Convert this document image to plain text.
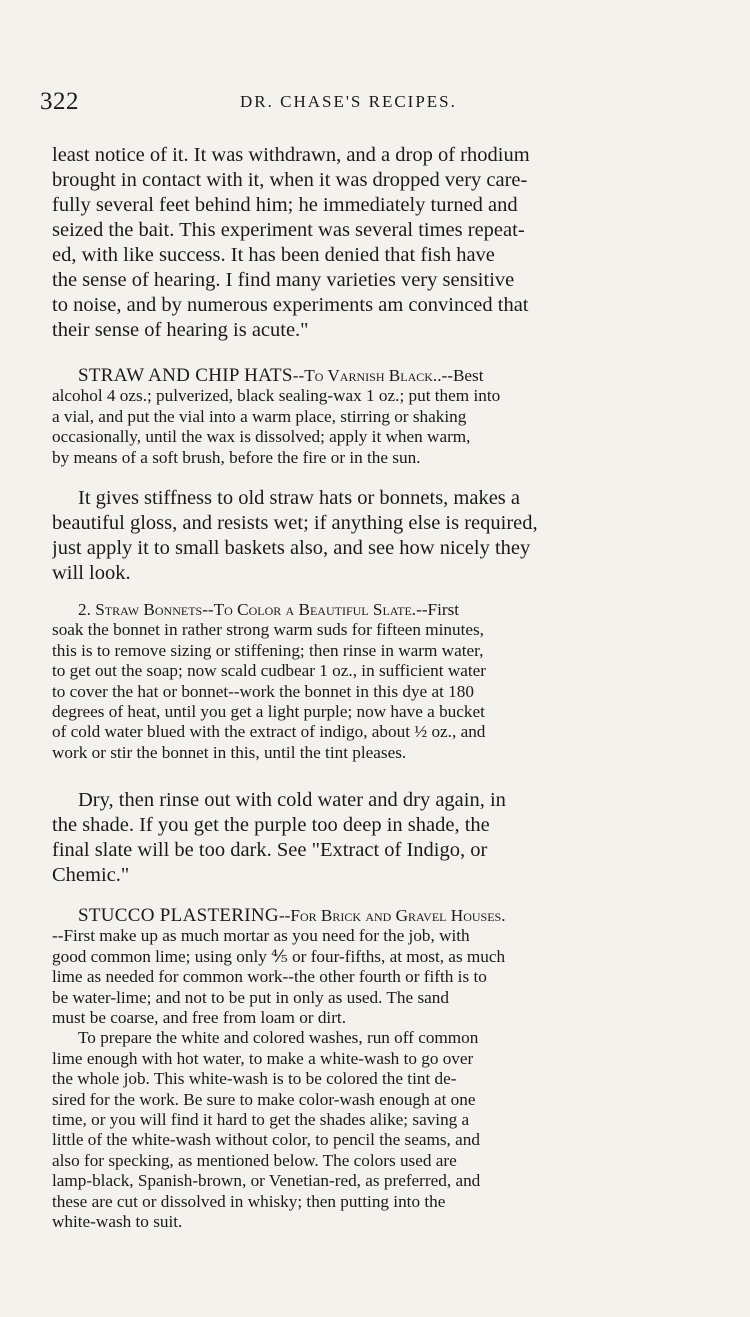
322	DR. CHASE'S RECIPES.
least notice of it. It was withdrawn, and a drop of rhodium
brought in contact with it, when it was dropped very care-
fully several feet behind him; he immediately turned and
seized the bait. This experiment was several times repeat-
ed, with like success. It has been denied that fish have
the sense of hearing. I find many varieties very sensitive
to noise, and by numerous experiments am convinced that
their sense of hearing is acute."
STRAW AND CHIP HATS--To Varnish Black..--Best
alcohol 4 ozs.; pulverized, black sealing-wax 1 oz.; put them into
a vial, and put the vial into a warm place, stirring or shaking
occasionally, until the wax is dissolved; apply it when warm,
by means of a soft brush, before the fire or in the sun.
It gives stiffness to old straw hats or bonnets, makes a
beautiful gloss, and resists wet; if anything else is required,
just apply it to small baskets also, and see how nicely they
will look.
2. Straw Bonnets--To Color a Beautiful Slate.--First
soak the bonnet in rather strong warm suds for fifteen minutes,
this is to remove sizing or stiffening; then rinse in warm water,
to get out the soap; now scald cudbear 1 oz., in sufficient water
to cover the hat or bonnet--work the bonnet in this dye at 180
degrees of heat, until you get a light purple; now have a bucket
of cold water blued with the extract of indigo, about ½ oz., and
work or stir the bonnet in this, until the tint pleases.
Dry, then rinse out with cold water and dry again, in
the shade. If you get the purple too deep in shade, the
final slate will be too dark. See "Extract of Indigo, or
Chemic."
STUCCO PLASTERING--For Brick and Gravel Houses.
--First make up as much mortar as you need for the job, with
good common lime; using only ⅘ or four-fifths, at most, as much
lime as needed for common work--the other fourth or fifth is to
be water-lime; and not to be put in only as used. The sand
must be coarse, and free from loam or dirt.
To prepare the white and colored washes, run off common
lime enough with hot water, to make a white-wash to go over
the whole job. This white-wash is to be colored the tint de-
sired for the work. Be sure to make color-wash enough at one
time, or you will find it hard to get the shades alike; saving a
little of the white-wash without color, to pencil the seams, and
also for specking, as mentioned below. The colors used are
lamp-black, Spanish-brown, or Venetian-red, as preferred, and
these are cut or dissolved in whisky; then putting into the
white-wash to suit.
